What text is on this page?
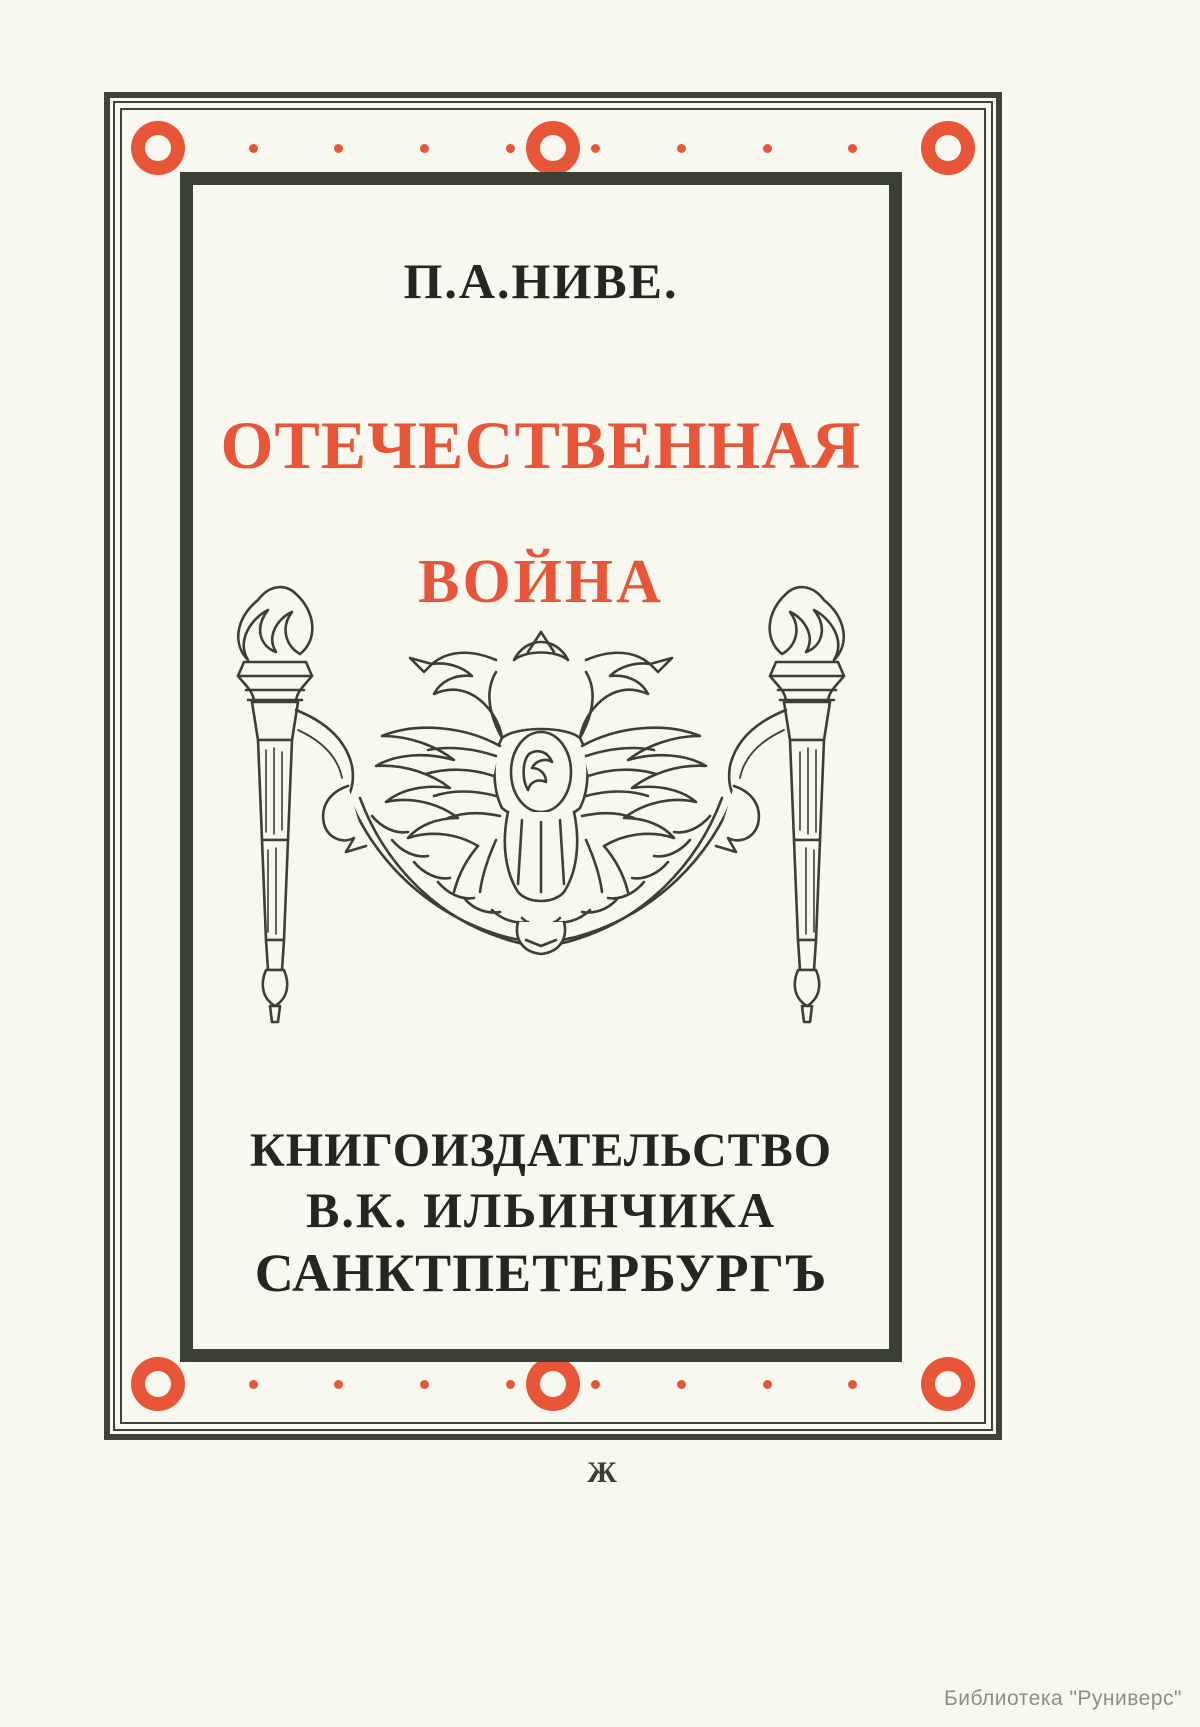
П.А.НИВЕ.
ОТЕЧЕСТВЕННАЯ
ВОЙНА
КНИГОИЗДАТЕЛЬСТВО
В.К. ИЛЬИНЧИКА
САНКТПЕТЕРБУРГЪ
Ж
Библиотека "Руниверс"
